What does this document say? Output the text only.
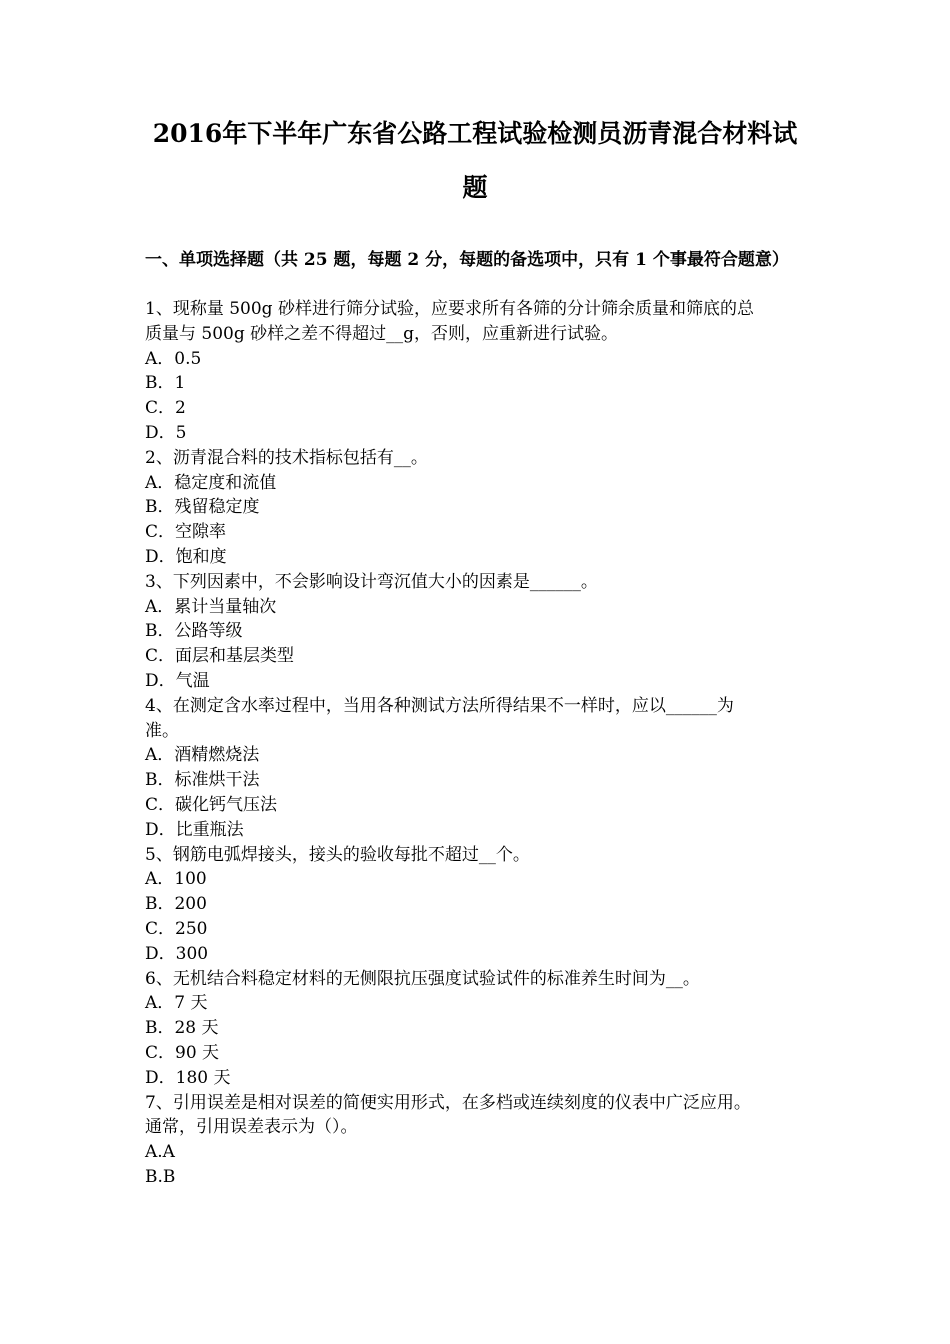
2016年下半年广东省公路工程试验检测员沥青混合材料试
题
一、单项选择题（共 25 题，每题 2 分，每题的备选项中，只有 1 个事最符合题意）

1、现称量 500g 砂样进行筛分试验，应要求所有各筛的分计筛余质量和筛底的总

质量与 500g 砂样之差不得超过__g，否则，应重新进行试验。

A．0.5

B．1

C．2

D．5

2、沥青混合料的技术指标包括有__。

A．稳定度和流值

B．残留稳定度

C．空隙率

D．饱和度

3、下列因素中，不会影响设计弯沉值大小的因素是______。

A．累计当量轴次

B．公路等级

C．面层和基层类型

D．气温

4、在测定含水率过程中，当用各种测试方法所得结果不一样时，应以______为

准。

A．酒精燃烧法

B．标准烘干法

C．碳化钙气压法

D．比重瓶法

5、钢筋电弧焊接头，接头的验收每批不超过__个。

A．100

B．200

C．250

D．300

6、无机结合料稳定材料的无侧限抗压强度试验试件的标准养生时间为__。

A．7 天

B．28 天

C．90 天

D．180 天

7、引用误差是相对误差的简便实用形式，在多档或连续刻度的仪表中广泛应用。

通常，引用误差表示为（）。

A.A

B.B
